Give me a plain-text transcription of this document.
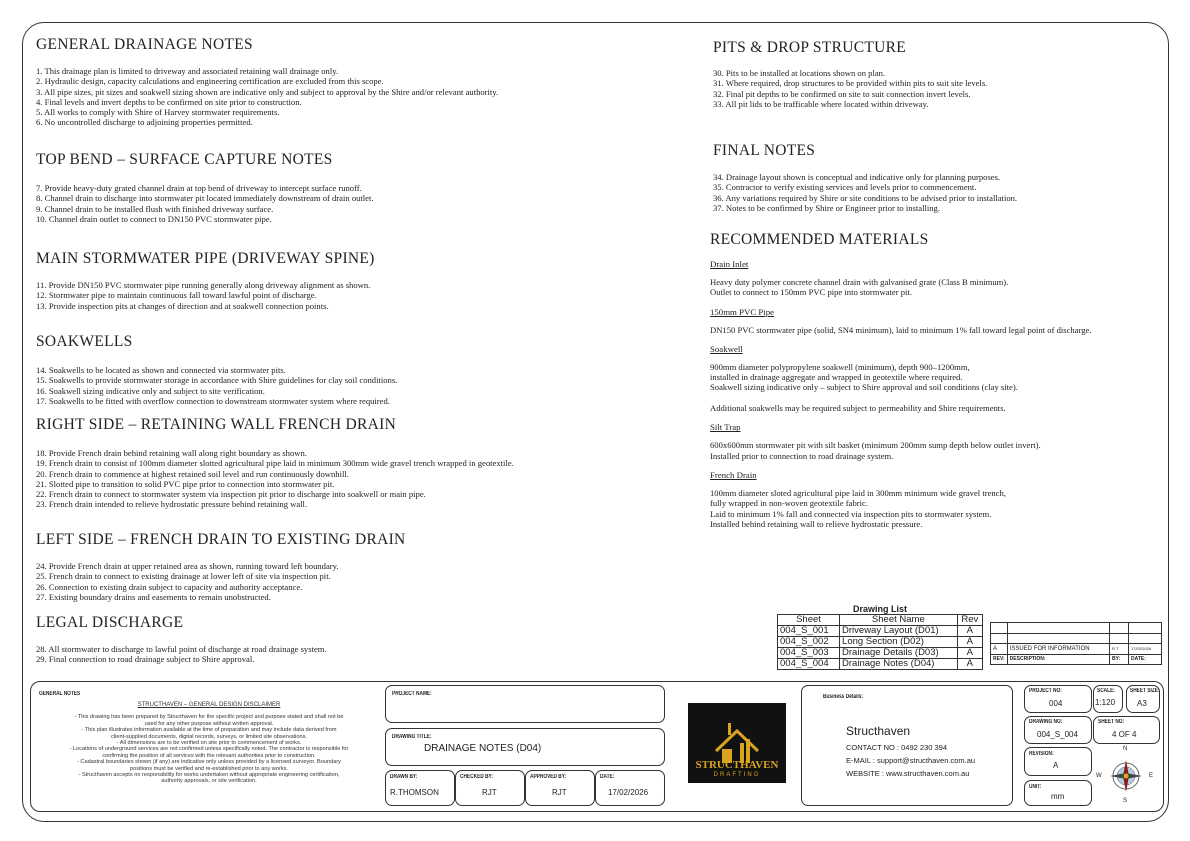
GENERAL DRAINAGE NOTES
1. This drainage plan is limited to driveway and associated retaining wall drainage only.
2. Hydraulic design, capacity calculations and engineering certification are excluded from this scope.
3. All pipe sizes, pit sizes and soakwell sizing shown are indicative only and subject to approval by the Shire and/or relevant authority.
4. Final levels and invert depths to be confirmed on site prior to construction.
5. All works to comply with Shire of Harvey stormwater requirements.
6. No uncontrolled discharge to adjoining properties permitted.
TOP BEND – SURFACE CAPTURE NOTES
7. Provide heavy-duty grated channel drain at top bend of driveway to intercept surface runoff.
8. Channel drain to discharge into stormwater pit located immediately downstream of drain outlet.
9. Channel drain to be installed flush with finished driveway surface.
10. Channel drain outlet to connect to DN150 PVC stormwater pipe.
MAIN STORMWATER PIPE (DRIVEWAY SPINE)
11. Provide DN150 PVC stormwater pipe running generally along driveway alignment as shown.
12. Stormwater pipe to maintain continuous fall toward lawful point of discharge.
13. Provide inspection pits at changes of direction and at soakwell connection points.
SOAKWELLS
14. Soakwells to be located as shown and connected via stormwater pits.
15. Soakwells to provide stormwater storage in accordance with Shire guidelines for clay soil conditions.
16. Soakwell sizing indicative only and subject to site verification.
17. Soakwells to be fitted with overflow connection to downstream stormwater system where required.
RIGHT SIDE – RETAINING WALL FRENCH DRAIN
18. Provide French drain behind retaining wall along right boundary as shown.
19. French drain to consist of 100mm diameter slotted agricultural pipe laid in minimum 300mm wide gravel trench wrapped in geotextile.
20. French drain to commence at highest retained soil level and run continuously downhill.
21. Slotted pipe to transition to solid PVC pipe prior to connection into stormwater pit.
22. French drain to connect to stormwater system via inspection pit prior to discharge into soakwell or main pipe.
23. French drain intended to relieve hydrostatic pressure behind retaining wall.
LEFT SIDE – FRENCH DRAIN TO EXISTING DRAIN
24. Provide French drain at upper retained area as shown, running toward left boundary.
25. French drain to connect to existing drainage at lower left of site via inspection pit.
26. Connection to existing drain subject to capacity and authority acceptance.
27. Existing boundary drains and easements to remain unobstructed.
LEGAL DISCHARGE
28. All stormwater to discharge to lawful point of discharge at road drainage system.
29. Final connection to road drainage subject to Shire approval.
PITS & DROP STRUCTURE
30. Pits to be installed at locations shown on plan.
31. Where required, drop structures to be provided within pits to suit site levels.
32. Final pit depths to be confirmed on site to suit connection invert levels.
33. All pit lids to be trafficable where located within driveway.
FINAL NOTES
34. Drainage layout shown is conceptual and indicative only for planning purposes.
35. Contractor to verify existing services and levels prior to commencement.
36. Any variations required by Shire or site conditions to be advised prior to installation.
37. Notes to be confirmed by Shire or Engineer prior to installing.
RECOMMENDED MATERIALS
Drain Inlet
Heavy duty polymer concrete channel drain with galvanised grate (Class B minimum).
Outlet to connect to 150mm PVC pipe into stormwater pit.
150mm PVC Pipe
DN150 PVC stormwater pipe (solid, SN4 minimum), laid to minimum 1% fall toward legal point of discharge.
Soakwell
900mm diameter polypropylene soakwell (minimum), depth 900–1200mm,
installed in drainage aggregate and wrapped in geotextile where required.
Soakwell sizing indicative only – subject to Shire approval and soil conditions (clay site).
Additional soakwells may be required subject to permeability and Shire requirements.
Silt Trap
600x600mm stormwater pit with silt basket (minimum 200mm sump depth below outlet invert).
Installed prior to connection to road drainage system.
French Drain
100mm diameter sloted agricultural pipe laid in 300mm minimum wide gravel trench,
fully wrapped in non-woven geotextile fabric.
Laid to minimum 1% fall and connected via inspection pits to stormwater system.
Installed behind retaining wall to relieve hydrostatic pressure.
Drawing List
Sheet	Sheet Name	Rev
004_S_001	Driveway Layout (D01)	A
004_S_002	Long Section (D02)	A
004_S_003	Drainage Details (D03)	A
004_S_004	Drainage Notes (D04)	A

A	ISSUED FOR INFORMATION	R.T	17/02/2026
REV:	DESCRIPTION:	BY:	DATE:
GENERAL NOTES
STRUCTHAVEN – GENERAL DESIGN DISCLAIMER
- This drawing has been prepared by Structhaven for the specific project and purpose stated and shall not be
used for any other purpose without written approval.
- This plan illustrates information available at the time of preparation and may include data derived from
client-supplied documents, digital records, surveys, or limited site observations.
- All dimensions are to be verified on site prior to commencement of works.
- Locations of underground services are not confirmed unless specifically noted. The contractor is responsible for
confirming the position of all services with the relevant authorities prior to construction.
- Cadastral boundaries shown (if any) are indicative only unless provided by a licensed surveyor. Boundary
positions must be verified and re-established prior to any works.
- Structhaven accepts no responsibility for works undertaken without appropriate engineering certification,
authority approvals, or site verification.
PROJECT NAME:
DRAWING TITLE:
DRAINAGE NOTES (D04)
DRAWN BY:
R.THOMSON
CHECKED BY:
RJT
APPROVED BY:
RJT
DATE:
17/02/2026
STRUCTHAVEN
DRAFTING
Business Details:
Structhaven
CONTACT NO : 0492 230 394
E-MAIL : support@structhaven.com.au
WEBSITE : www.structhaven.com.au
PROJECT NO:
004
SCALE:
1:120
SHEET SIZE:
A3
DRAWING NO:
004_S_004
SHEET NO:
4 OF 4
REVISION:
A
UNIT:
mm
N
S
E
W
